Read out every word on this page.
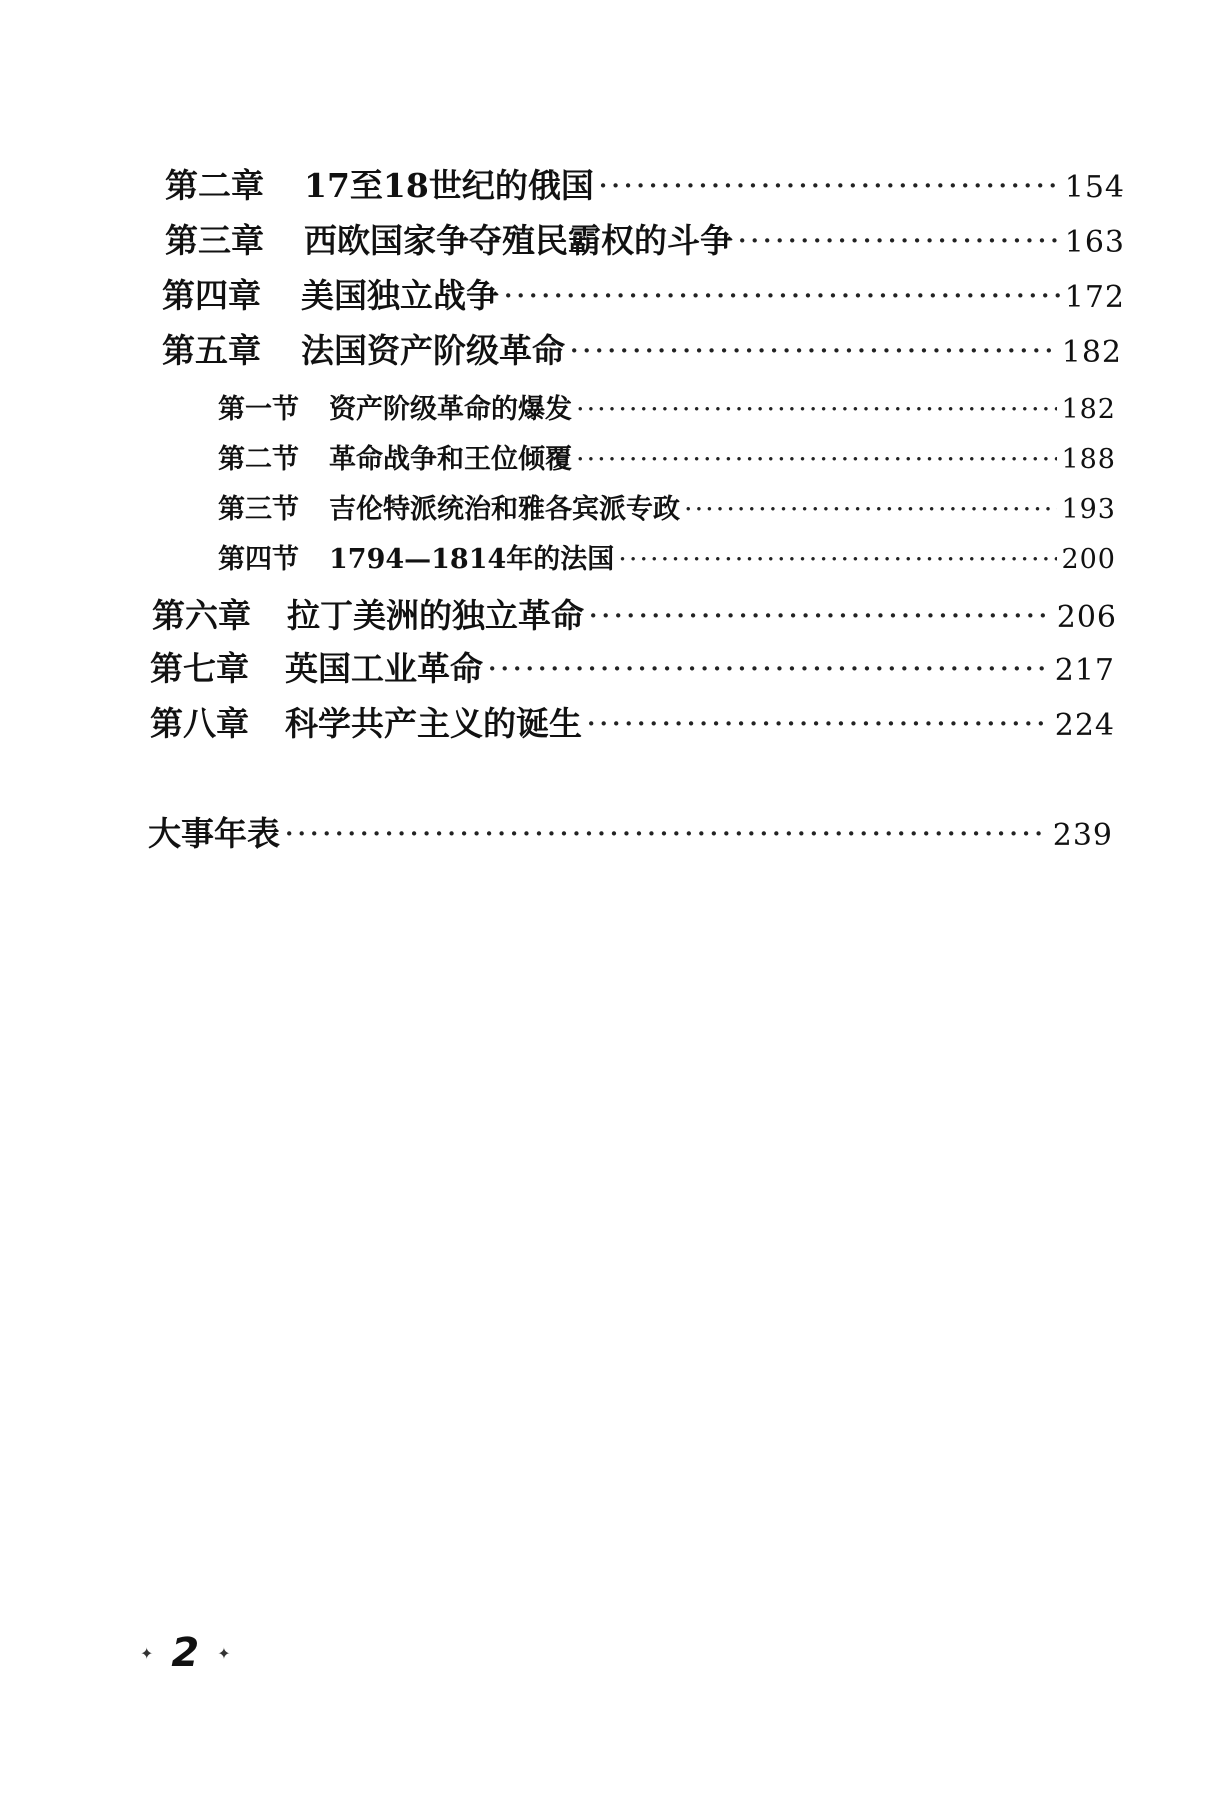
第二章 17至18世纪的俄国 ·····	154
第三章 西欧国家争夺殖民霸权的斗争 ·····	163
第四章 美国独立战争 ·····	172
第五章 法国资产阶级革命 ·····	182
第一节 资产阶级革命的爆发 ·····	182
第二节 革命战争和王位倾覆 ·····	188
第三节 吉伦特派统治和雅各宾派专政 ·····	193
第四节 1794—1814年的法国 ·····	200
第六章 拉丁美洲的独立革命 ·····	206
第七章 英国工业革命 ·····	217
第八章 科学共产主义的诞生 ·····	224
大事年表 ·····	239
✦ 2 ✦
